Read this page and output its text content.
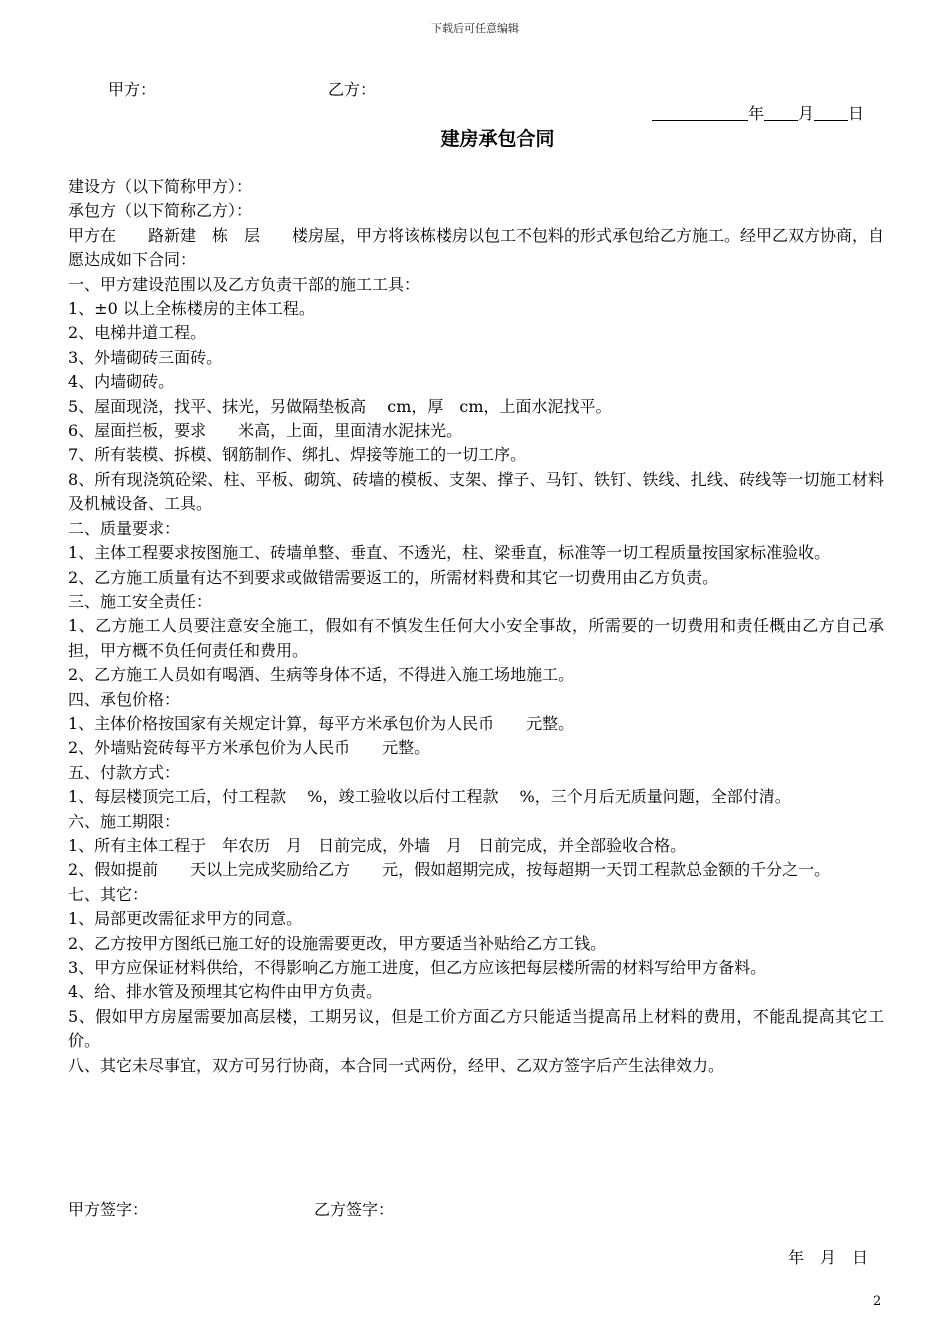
下载后可任意编辑
甲方：	乙方：
年 月 日
建房承包合同

建设方（以下简称甲方）：

承包方（以下简称乙方）：

甲方在　　路新建　栋　层　　楼房屋，甲方将该栋楼房以包工不包料的形式承包给乙方施工。经甲乙双方协商，自愿达成如下合同：

一、甲方建设范围以及乙方负责干部的施工工具：

1、±0 以上全栋楼房的主体工程。

2、电梯井道工程。

3、外墙砌砖三面砖。

4、内墙砌砖。

5、屋面现浇，找平、抹光，另做隔垫板高　 cm，厚　cm，上面水泥找平。

6、屋面拦板，要求　　米高，上面，里面清水泥抹光。

7、所有装模、拆模、钢筋制作、绑扎、焊接等施工的一切工序。

8、所有现浇筑砼梁、柱、平板、砌筑、砖墙的模板、支架、撑子、马钉、铁钉、铁线、扎线、砖线等一切施工材料及机械设备、工具。

二、质量要求：

1、主体工程要求按图施工、砖墙单整、垂直、不透光，柱、梁垂直，标准等一切工程质量按国家标准验收。

2、乙方施工质量有达不到要求或做错需要返工的，所需材料费和其它一切费用由乙方负责。

三、施工安全责任：

1、乙方施工人员要注意安全施工，假如有不慎发生任何大小安全事故，所需要的一切费用和责任概由乙方自己承担，甲方概不负任何责任和费用。

2、乙方施工人员如有喝酒、生病等身体不适，不得进入施工场地施工。

四、承包价格：

1、主体价格按国家有关规定计算，每平方米承包价为人民币　　元整。

2、外墙贴瓷砖每平方米承包价为人民币　　元整。

五、付款方式：

1、每层楼顶完工后，付工程款　 %，竣工验收以后付工程款　 %，三个月后无质量问题，全部付清。

六、施工期限：

1、所有主体工程于　年农历　月　日前完成，外墙　月　日前完成，并全部验收合格。

2、假如提前　　天以上完成奖励给乙方　　元，假如超期完成，按每超期一天罚工程款总金额的千分之一。

七、其它：

1、局部更改需征求甲方的同意。

2、乙方按甲方图纸已施工好的设施需要更改，甲方要适当补贴给乙方工钱。

3、甲方应保证材料供给，不得影响乙方施工进度，但乙方应该把每层楼所需的材料写给甲方备料。

4、给、排水管及预埋其它构件由甲方负责。

5、假如甲方房屋需要加高层楼，工期另议，但是工价方面乙方只能适当提高吊上材料的费用，不能乱提高其它工价。

八、其它未尽事宜，双方可另行协商，本合同一式两份，经甲、乙双方签字后产生法律效力。

甲方签字：	乙方签字：
年　月　日
2
